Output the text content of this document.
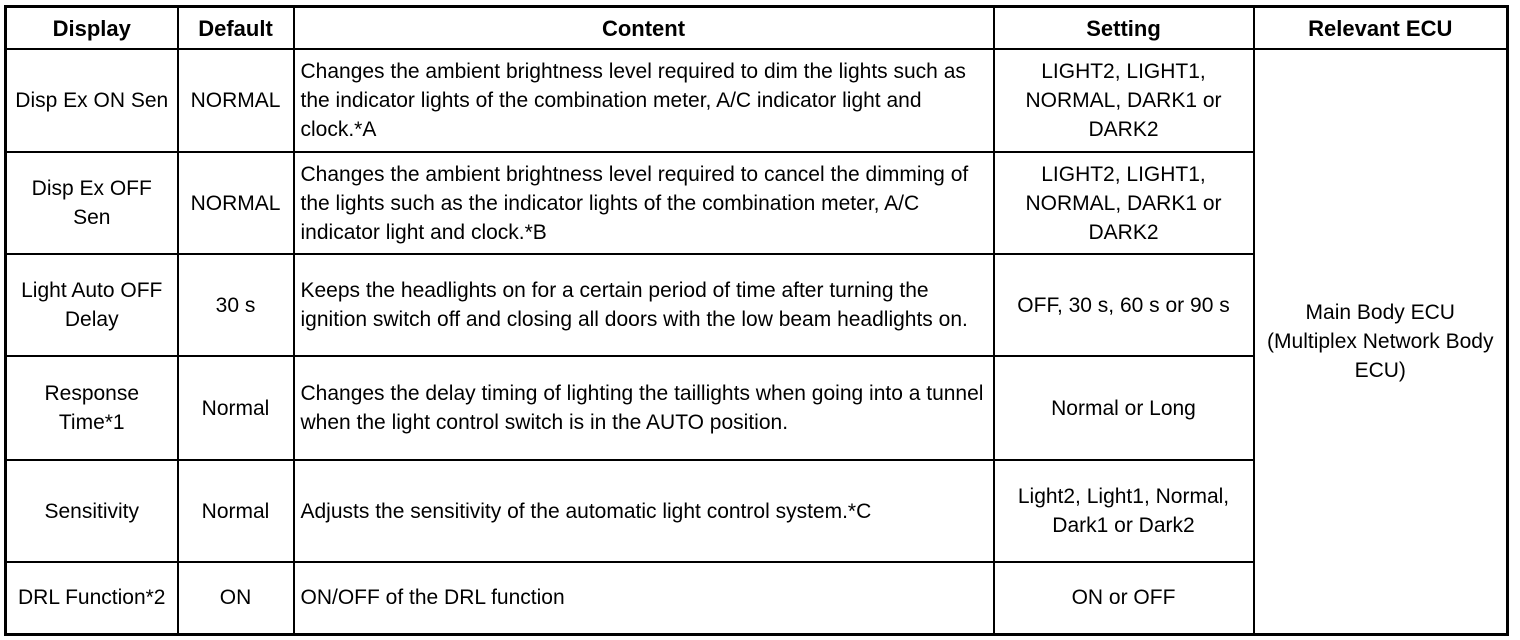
Display	Default	Content	Setting	Relevant ECU
Disp Ex ON Sen	NORMAL	Changes the ambient brightness level required to dim the lights such as the indicator lights of the combination meter, A/C indicator light and clock.*A	LIGHT2, LIGHT1, NORMAL, DARK1 or DARK2	Main Body ECU (Multiplex Network Body ECU)
Disp Ex OFF Sen	NORMAL	Changes the ambient brightness level required to cancel the dimming of the lights such as the indicator lights of the combination meter, A/C indicator light and clock.*B	LIGHT2, LIGHT1, NORMAL, DARK1 or DARK2	
Light Auto OFF Delay	30 s	Keeps the headlights on for a certain period of time after turning the ignition switch off and closing all doors with the low beam headlights on.	OFF, 30 s, 60 s or 90 s	
Response Time*1	Normal	Changes the delay timing of lighting the taillights when going into a tunnel when the light control switch is in the AUTO position.	Normal or Long	
Sensitivity	Normal	Adjusts the sensitivity of the automatic light control system.*C	Light2, Light1, Normal, Dark1 or Dark2	
DRL Function*2	ON	ON/OFF of the DRL function	ON or OFF	
